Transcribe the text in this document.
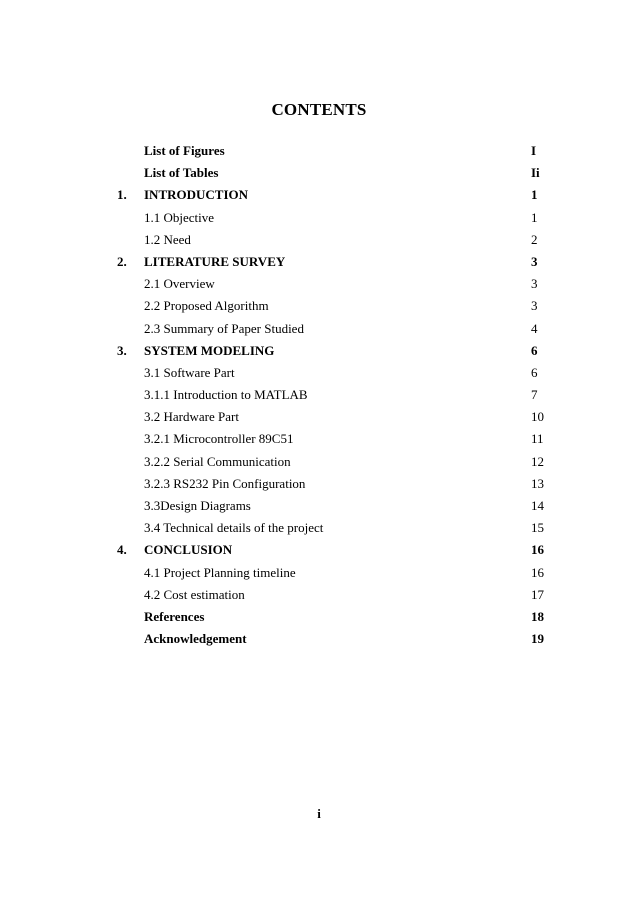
CONTENTS
List of Figures	I
List of Tables	Ii
1. INTRODUCTION	1
1.1 Objective	1
1.2 Need	2
2. LITERATURE SURVEY	3
2.1 Overview	3
2.2 Proposed Algorithm	3
2.3 Summary of Paper Studied	4
3. SYSTEM MODELING	6
3.1 Software Part	6
3.1.1 Introduction to MATLAB	7
3.2 Hardware Part	10
3.2.1 Microcontroller 89C51	11
3.2.2 Serial Communication	12
3.2.3 RS232 Pin Configuration	13
3.3Design Diagrams	14
3.4 Technical details of the project	15
4. CONCLUSION	16
4.1 Project Planning timeline	16
4.2 Cost estimation	17
References	18
Acknowledgement	19
i
